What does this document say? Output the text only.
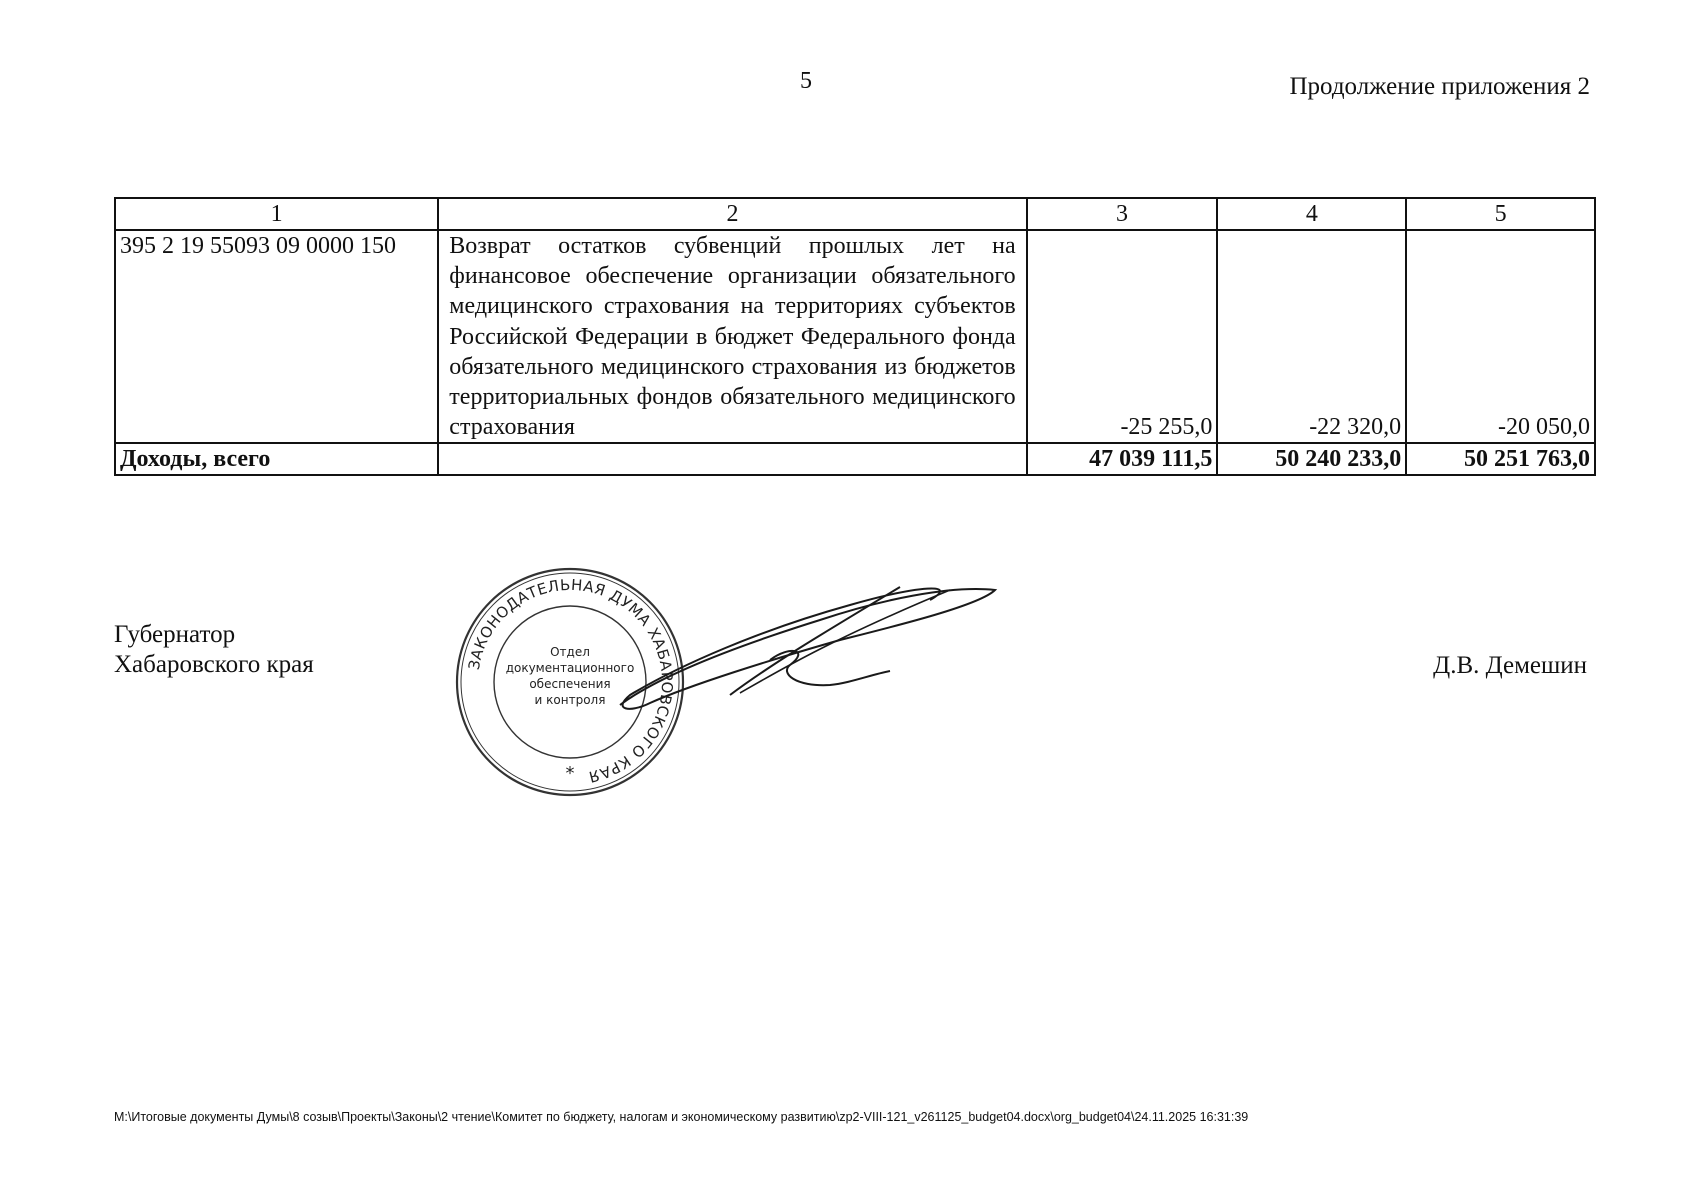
5	Продолжение приложения 2
1	2	3	4	5
395 2 19 55093 09 0000 150	Возврат остатков субвенций прошлых лет на финансовое обеспечение организации обязательного медицинского страхования на территориях субъектов Российской Федерации в бюджет Федерального фонда обязательного медицинского страхования из бюджетов территориальных фондов обязательного медицинского страхования	-25 255,0	-22 320,0	-20 050,0
Доходы, всего		47 039 111,5	50 240 233,0	50 251 763,0
Губернатор
Хабаровского края	ЗАКОНОДАТЕЛЬНАЯ ДУМА ХАБАРОВСКОГО КРАЯ
Отдел
документационного
обеспечения
и контроля
*
Д.В. Демешин
М:\Итоговые документы Думы\8 созыв\Проекты\Законы\2 чтение\Комитет по бюджету, налогам и экономическому развитию\zp2-VIII-121_v261125_budget04.docx\org_budget04\24.11.2025 16:31:39
